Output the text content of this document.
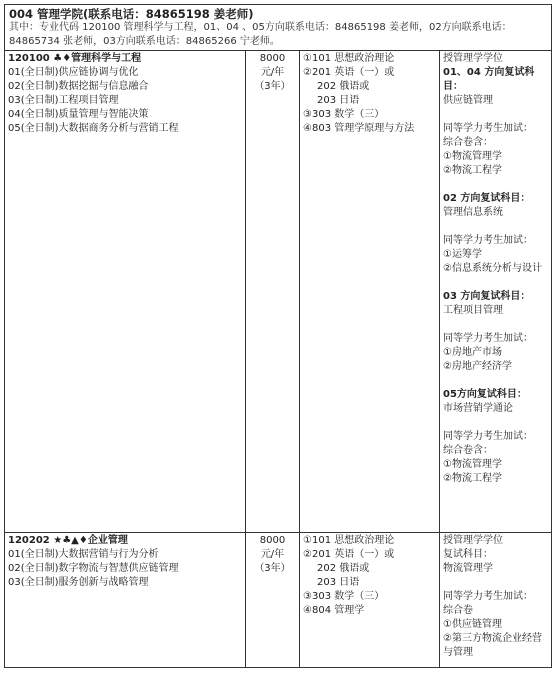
004 管理学院(联系电话：84865198 姜老师)
其中：专业代码 120100 管理科学与工程，01、04 、05方向联系电话：84865198 姜老师，02方向联系电话：84865734 张老师，03方向联系电话：84865266 宁老师。
120100 ♣♦管理科学与工程
01(全日制)供应链协调与优化
02(全日制)数据挖掘与信息融合
03(全日制)工程项目管理
04(全日制)质量管理与智能决策
05(全日制)大数据商务分析与营销工程
8000
元/年
（3年）
①101 思想政治理论
②201 英语（一）或
202 俄语或
203 日语
③303 数学（三）
④803 管理学原理与方法
授管理学学位
01、04 方向复试科目：
供应链管理
同等学力考生加试：
综合卷含：
①物流管理学
②物流工程学
02 方向复试科目：
管理信息系统
同等学力考生加试：
①运筹学
②信息系统分析与设计
03 方向复试科目：
工程项目管理
同等学力考生加试：
①房地产市场
②房地产经济学
05方向复试科目：
市场营销学通论
同等学力考生加试：
综合卷含：
①物流管理学
②物流工程学
120202 ★♣▲♦企业管理
01(全日制)大数据营销与行为分析
02(全日制)数字物流与智慧供应链管理
03(全日制)服务创新与战略管理
8000
元/年
（3年）
①101 思想政治理论
②201 英语（一）或
202 俄语或
203 日语
③303 数学（三）
④804 管理学
授管理学学位
复试科目：
物流管理学
同等学力考生加试：
综合卷
①供应链管理
②第三方物流企业经营与管理
